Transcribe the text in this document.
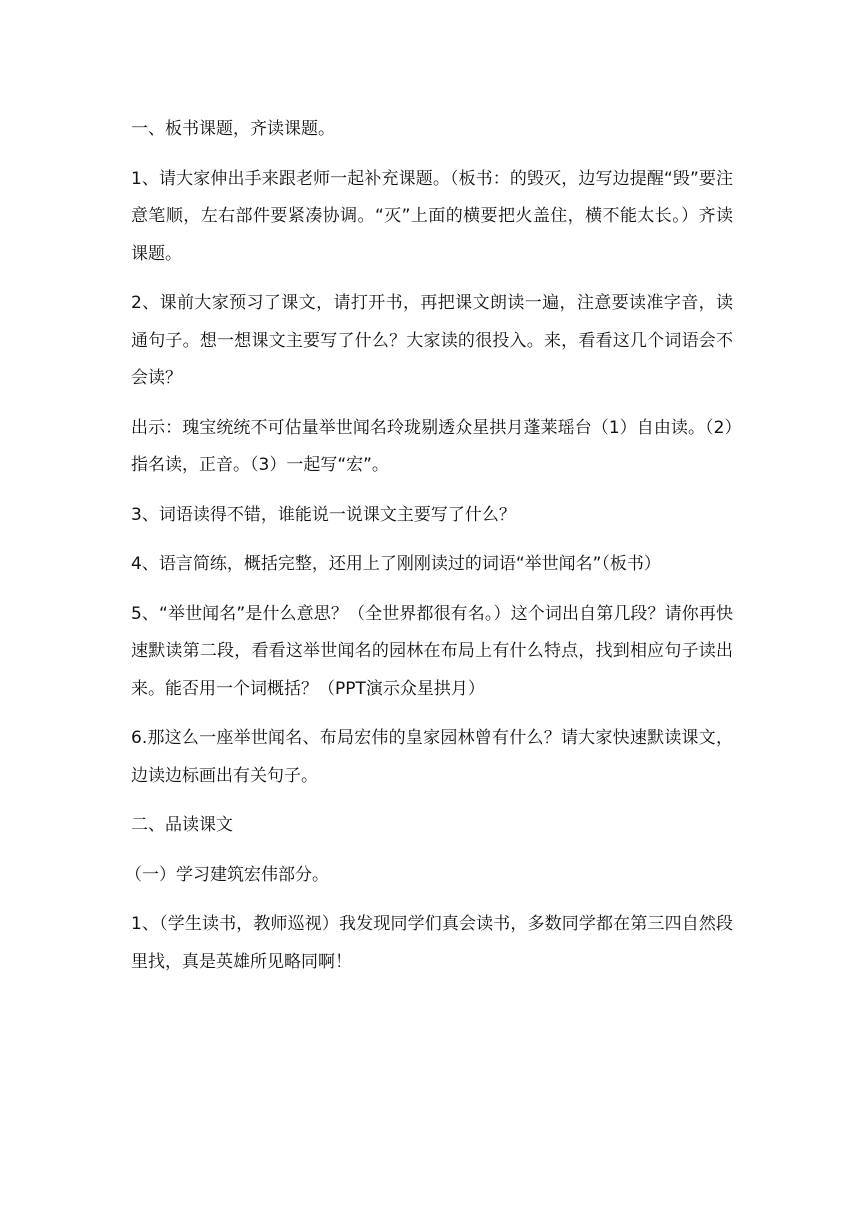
一、板书课题，齐读课题。

1、请大家伸出手来跟老师一起补充课题。（板书：的毁灭，边写边提醒“毁”要注意笔顺，左右部件要紧凑协调。“灭”上面的横要把火盖住，横不能太长。）齐读课题。

2、课前大家预习了课文，请打开书，再把课文朗读一遍，注意要读准字音，读通句子。想一想课文主要写了什么？大家读的很投入。来，看看这几个词语会不会读？

出示：瑰宝统统不可估量举世闻名玲珑剔透众星拱月蓬莱瑶台（1）自由读。（2）指名读，正音。（3）一起写“宏”。

3、词语读得不错，谁能说一说课文主要写了什么？

4、语言简练，概括完整，还用上了刚刚读过的词语“举世闻名”（板书）

5、“举世闻名”是什么意思？（全世界都很有名。）这个词出自第几段？请你再快速默读第二段，看看这举世闻名的园林在布局上有什么特点，找到相应句子读出来。能否用一个词概括？（PPT演示众星拱月）

6.那这么一座举世闻名、布局宏伟的皇家园林曾有什么？请大家快速默读课文，边读边标画出有关句子。

二、品读课文

（一）学习建筑宏伟部分。

1、（学生读书，教师巡视）我发现同学们真会读书，多数同学都在第三四自然段里找，真是英雄所见略同啊！
